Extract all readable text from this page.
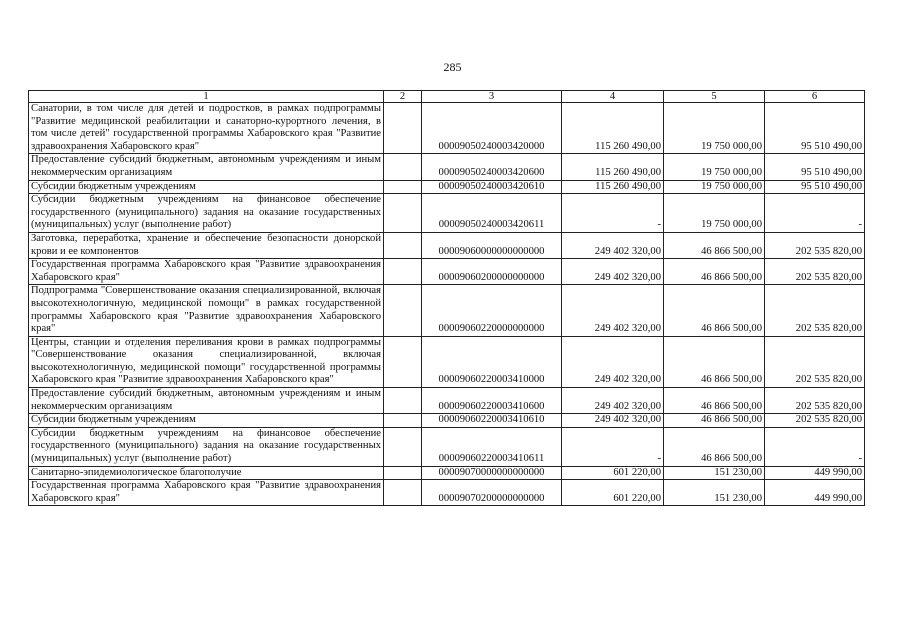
285
1	2	3	4	5	6
Санатории, в том числе для детей и подростков, в рамках подпрограммы "Развитие медицинской реабилитации и санаторно-курортного лечения, в том числе детей" государственной программы Хабаровского края "Развитие здравоохранения Хабаровского края"		00009050240003420000	115 260 490,00	19 750 000,00	95 510 490,00
Предоставление субсидий бюджетным, автономным учреждениям и иным некоммерческим организациям		00009050240003420600	115 260 490,00	19 750 000,00	95 510 490,00
Субсидии бюджетным учреждениям		00009050240003420610	115 260 490,00	19 750 000,00	95 510 490,00
Субсидии бюджетным учреждениям на финансовое обеспечение государственного (муниципального) задания на оказание государственных (муниципальных) услуг (выполнение работ)		00009050240003420611	-	19 750 000,00	-
Заготовка, переработка, хранение и обеспечение безопасности донорской крови и ее компонентов		00009060000000000000	249 402 320,00	46 866 500,00	202 535 820,00
Государственная программа Хабаровского края "Развитие здравоохранения Хабаровского края"		00009060200000000000	249 402 320,00	46 866 500,00	202 535 820,00
Подпрограмма "Совершенствование оказания специализированной, включая высокотехнологичную, медицинской помощи" в рамках государственной программы Хабаровского края "Развитие здравоохранения Хабаровского края"		00009060220000000000	249 402 320,00	46 866 500,00	202 535 820,00
Центры, станции и отделения переливания крови в рамках подпрограммы "Совершенствование оказания специализированной, включая высокотехнологичную, медицинской помощи" государственной программы Хабаровского края "Развитие здравоохранения Хабаровского края"		00009060220003410000	249 402 320,00	46 866 500,00	202 535 820,00
Предоставление субсидий бюджетным, автономным учреждениям и иным некоммерческим организациям		00009060220003410600	249 402 320,00	46 866 500,00	202 535 820,00
Субсидии бюджетным учреждениям		00009060220003410610	249 402 320,00	46 866 500,00	202 535 820,00
Субсидии бюджетным учреждениям на финансовое обеспечение государственного (муниципального) задания на оказание государственных (муниципальных) услуг (выполнение работ)		00009060220003410611	-	46 866 500,00	-
Санитарно-эпидемиологическое благополучие		00009070000000000000	601 220,00	151 230,00	449 990,00
Государственная программа Хабаровского края "Развитие здравоохранения Хабаровского края"		00009070200000000000	601 220,00	151 230,00	449 990,00
